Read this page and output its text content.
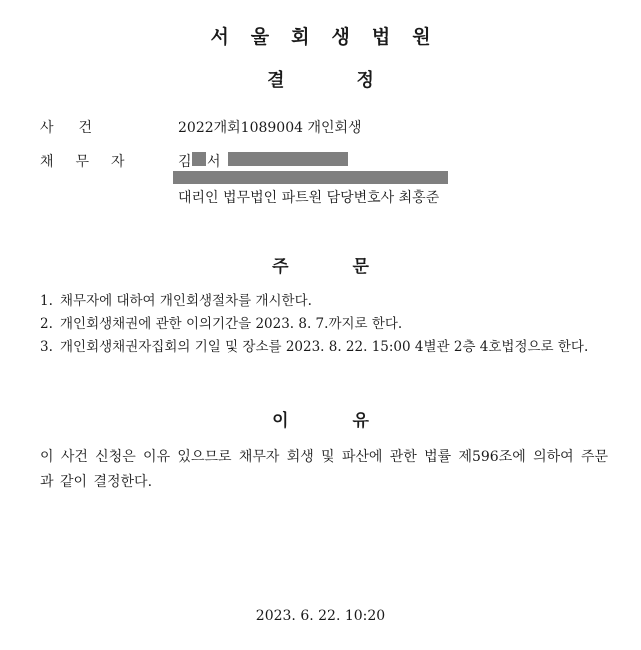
서울회생법원
결정
사건	2022개회1089004 개인회생
채무자 김 서
대리인 법무법인 파트원 담당변호사 최홍준
주문
1. 채무자에 대하여 개인회생절차를 개시한다.
2. 개인회생채권에 관한 이의기간을 2023. 8. 7.까지로 한다.
3. 개인회생채권자집회의 기일 및 장소를 2023. 8. 22. 15:00 4별관 2층 4호법정으로 한다.
이유
이 사건 신청은 이유 있으므로 채무자 회생 및 파산에 관한 법률 제596조에 의하여 주문과 같이 결정한다.
2023. 6. 22. 10:20
